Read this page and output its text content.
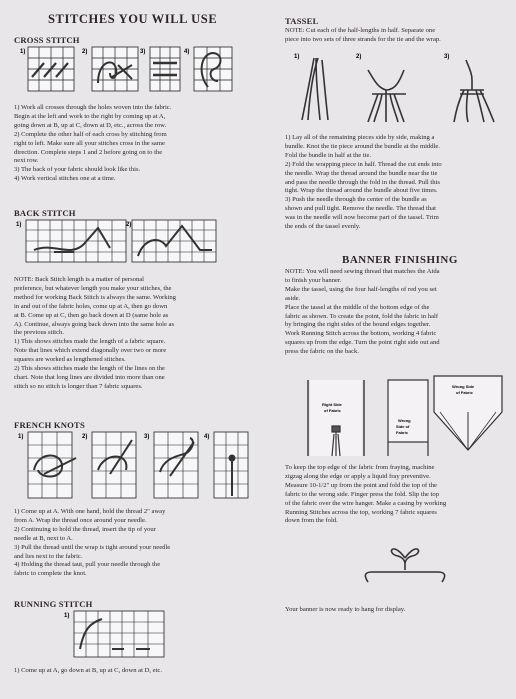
STITCHES YOU WILL USE
CROSS STITCH
1)	2)	3)	4)
1) Work all crosses through the holes woven into the fabric.
Begin at the left and work to the right by coming up at A,
going down at B, up at C, down at D, etc., across the row.
2) Complete the other half of each cross by stitching from
right to left. Make sure all your stitches cross in the same
direction. Complete steps 1 and 2 before going on to the
next row.
3) The back of your fabric should look like this.
4) Work vertical stitches one at a time.
BACK STITCH
1)	2)
NOTE: Back Stitch length is a matter of personal
preference, but whatever length you make your stitches, the
method for working Back Stitch is always the same. Working
in and out of the fabric holes, come up at A, then go down
at B. Come up at C, then go back down at D (same hole as
A). Continue, always going back down into the same hole as
the previous stitch.
1) This shows stitches made the length of a fabric square.
Note that lines which extend diagonally over two or more
squares are worked as lengthened stitches.
2) This shows stitches made the length of the lines on the
chart. Note that long lines are divided into more than one
stitch so no stitch is longer than 7 fabric squares.
FRENCH KNOTS
1)	2)	3)	4)
1) Come up at A. With one hand, hold the thread 2" away
from A. Wrap the thread once around your needle.
2) Continuing to hold the thread, insert the tip of your
needle at B, next to A.
3) Pull the thread until the wrap is tight around your needle
and lies next to the fabric.
4) Holding the thread taut, pull your needle through the
fabric to complete the knot.
RUNNING STITCH
1)
1) Come up at A, go down at B, up at C, down at D, etc.
TASSEL
NOTE: Cut each of the half-lengths in half. Separate one
piece into two sets of three strands for the tie and the wrap.
1)	2)	3)
1) Lay all of the remaining pieces side by side, making a
bundle. Knot the tie piece around the bundle at the middle.
Fold the bundle in half at the tie.
2) Fold the wrapping piece in half. Thread the cut ends into
the needle. Wrap the thread around the bundle near the tie
and pass the needle through the fold in the thread. Pull this
tight. Wrap the thread around the bundle about five times.
3) Push the needle through the center of the bundle as
shown and pull tight. Remove the needle. The thread that
was in the needle will now become part of the tassel. Trim
the ends of the tassel evenly.
BANNER FINISHING
NOTE: You will need sewing thread that matches the Aida
to finish your banner.
Make the tassel, using the four half-lengths of red you set
aside.
Place the tassel at the middle of the bottom edge of the
fabric as shown. To create the point, fold the fabric in half
by bringing the right sides of the bound edges together.
Work Running Stitch across the bottom, working 4 fabric
squares up from the edge. Turn the point right side out and
press the fabric on the back.
Right Side
of Fabric
Wrong
Side of
Fabric
Wrong Side
of Fabric
To keep the top edge of the fabric from fraying, machine
zigzag along the edge or apply a liquid fray preventive.
Measure 10-1/2" up from the point and fold the top of the
fabric to the wrong side. Finger press the fold. Slip the top
of the fabric over the wire hanger. Make a casing by working
Running Stitches across the top, working 7 fabric squares
down from the fold.
Your banner is now ready to hang for display.
